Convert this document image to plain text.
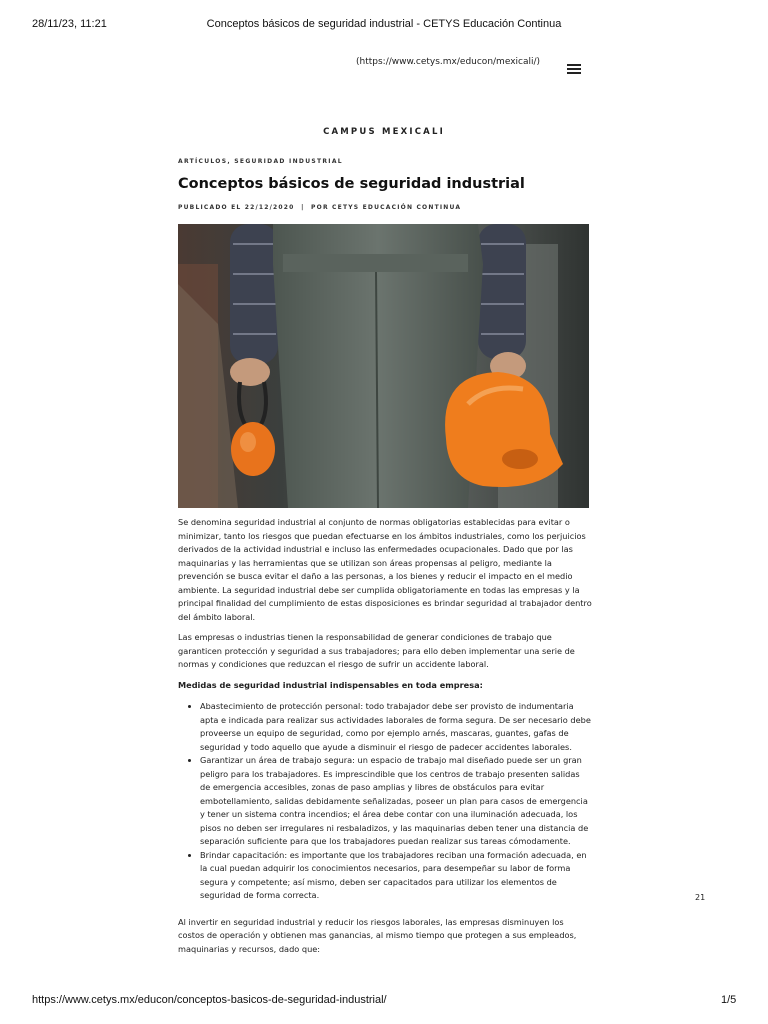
28/11/23, 11:21	Conceptos básicos de seguridad industrial - CETYS Educación Continua
(https://www.cetys.mx/educon/mexicali/)
CAMPUS MEXICALI
ARTÍCULOS, SEGURIDAD INDUSTRIAL
Conceptos básicos de seguridad industrial
PUBLICADO EL 22/12/2020  |  POR CETYS EDUCACIÓN CONTINUA

Se denomina seguridad industrial al conjunto de normas obligatorias establecidas para evitar o minimizar, tanto los riesgos que puedan efectuarse en los ámbitos industriales, como los perjuicios derivados de la actividad industrial e incluso las enfermedades ocupacionales. Dado que por las maquinarias y las herramientas que se utilizan son áreas propensas al peligro, mediante la prevención se busca evitar el daño a las personas, a los bienes y reducir el impacto en el medio ambiente. La seguridad industrial debe ser cumplida obligatoriamente en todas las empresas y la principal finalidad del cumplimiento de estas disposiciones es brindar seguridad al trabajador dentro del ámbito laboral.

Las empresas o industrias tienen la responsabilidad de generar condiciones de trabajo que garanticen protección y seguridad a sus trabajadores; para ello deben implementar una serie de normas y condiciones que reduzcan el riesgo de sufrir un accidente laboral.

Medidas de seguridad industrial indispensables en toda empresa:

• Abastecimiento de protección personal: todo trabajador debe ser provisto de indumentaria apta e indicada para realizar sus actividades laborales de forma segura. De ser necesario debe proveerse un equipo de seguridad, como por ejemplo arnés, mascaras, guantes, gafas de seguridad y todo aquello que ayude a disminuir el riesgo de padecer accidentes laborales.
• Garantizar un área de trabajo segura: un espacio de trabajo mal diseñado puede ser un gran peligro para los trabajadores. Es imprescindible que los centros de trabajo presenten salidas de emergencia accesibles, zonas de paso amplias y libres de obstáculos para evitar embotellamiento, salidas debidamente señalizadas, poseer un plan para casos de emergencia y tener un sistema contra incendios; el área debe contar con una iluminación adecuada, los pisos no deben ser irregulares ni resbaladizos, y las maquinarias deben tener una distancia de separación suficiente para que los trabajadores puedan realizar sus tareas cómodamente.
• Brindar capacitación: es importante que los trabajadores reciban una formación adecuada, en la cual puedan adquirir los conocimientos necesarios, para desempeñar su labor de forma segura y competente; así mismo, deben ser capacitados para utilizar los elementos de seguridad de forma correcta.

Al invertir en seguridad industrial y reducir los riesgos laborales, las empresas disminuyen los costos de operación y obtienen mas ganancias, al mismo tiempo que protegen a sus empleados, maquinarias y recursos, dado que:

21
https://www.cetys.mx/educon/conceptos-basicos-de-seguridad-industrial/	1/5
